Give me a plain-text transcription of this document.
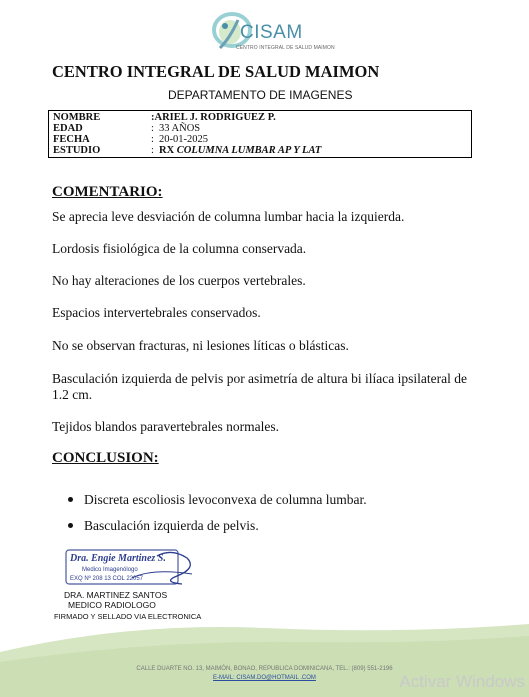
CISAM
CENTRO INTEGRAL DE SALUD MAIMON
CENTRO INTEGRAL DE SALUD MAIMON
DEPARTAMENTO DE IMAGENES
NOMBRE	:ARIEL J. RODRIGUEZ P.
EDAD	: 33 AÑOS
FECHA	: 20-01-2025
ESTUDIO	: RX COLUMNA LUMBAR AP Y LAT
COMENTARIO:
Se aprecia leve desviación de columna lumbar hacia la izquierda.
Lordosis fisiológica de la columna conservada.
No hay alteraciones de los cuerpos vertebrales.
Espacios intervertebrales conservados.
No se observan fracturas, ni lesiones líticas o blásticas.
Basculación izquierda de pelvis por asimetría de altura bi ilíaca ipsilateral de 1.2 cm.
Tejidos blandos paravertebrales normales.
CONCLUSION:
Discreta escoliosis levoconvexa de columna lumbar.
Basculación izquierda de pelvis.
Dra. Engie Martinez S.
Medico Imagenólogo
EXQ Nº 208 13 COL 22057
DRA. MARTINEZ SANTOS
MEDICO RADIOLOGO
FIRMADO Y SELLADO VIA ELECTRONICA
CALLE DUARTE NO. 13, MAIMÓN, BONAO, REPUBLICA DOMINICANA, TEL.: (809) 551-2196
E-MAIL: CISAM.DO@HOTMAIL .COM	Activar Windows
